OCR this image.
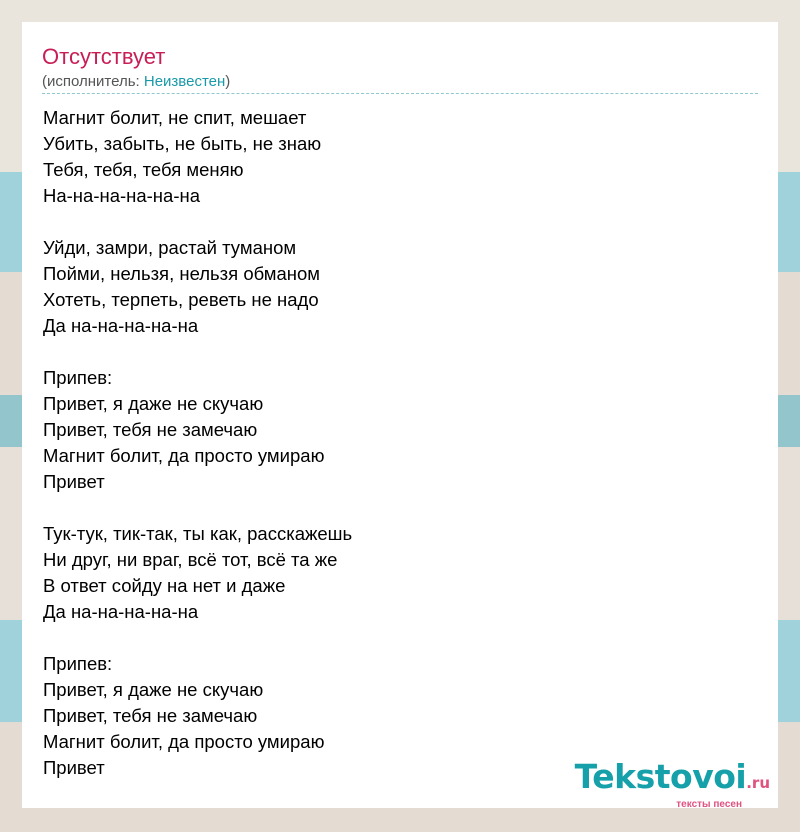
Отсутствует
(исполнитель: Неизвестен)
Магнит болит, не спит, мешает
Убить, забыть, не быть, не знаю
Тебя, тебя, тебя меняю
На-на-на-на-на-на
Уйди, замри, растай туманом
Пойми, нельзя, нельзя обманом
Хотеть, терпеть, реветь не надо
Да на-на-на-на-на
Припев:
Привет, я даже не скучаю
Привет, тебя не замечаю
Магнит болит, да просто умираю
Привет
Тук-тук, тик-так, ты как, расскажешь
Ни друг, ни враг, всё тот, всё та же
В ответ сойду на нет и даже
Да на-на-на-на-на
Припев:
Привет, я даже не скучаю
Привет, тебя не замечаю
Магнит болит, да просто умираю
Привет	Tekstovoi.ru
тексты песен
